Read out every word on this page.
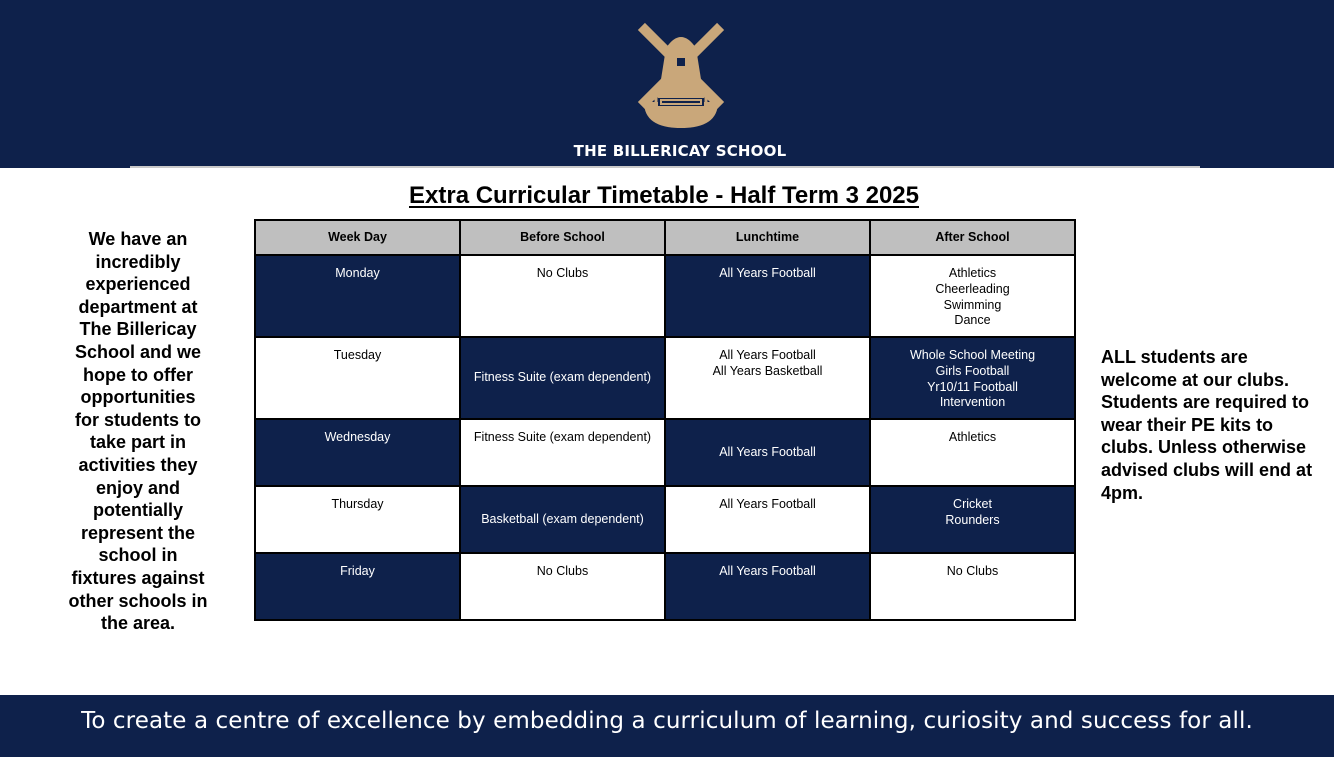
THE BILLERICAY SCHOOL
Extra Curricular Timetable - Half Term 3 2025
We have an incredibly experienced department at The Billericay School and we hope to offer opportunities for students to take part in activities they enjoy and potentially represent the school in fixtures against other schools in the area.
ALL students are welcome at our clubs. Students are required to wear their PE kits to clubs. Unless otherwise advised clubs will end at 4pm.
Week Day	Before School	Lunchtime	After School
Monday	No Clubs	All Years Football	Athletics
Cheerleading
Swimming
Dance

Tuesday	Fitness Suite (exam dependent)	All Years Football
All Years Basketball	Whole School Meeting
Girls Football
Yr10/11 Football
Intervention

Wednesday	Fitness Suite (exam dependent)	All Years Football	Athletics

Thursday	Basketball (exam dependent)	All Years Football	Cricket
Rounders

Friday	No Clubs	All Years Football	No Clubs
To create a centre of excellence by embedding a curriculum of learning, curiosity and success for all.
